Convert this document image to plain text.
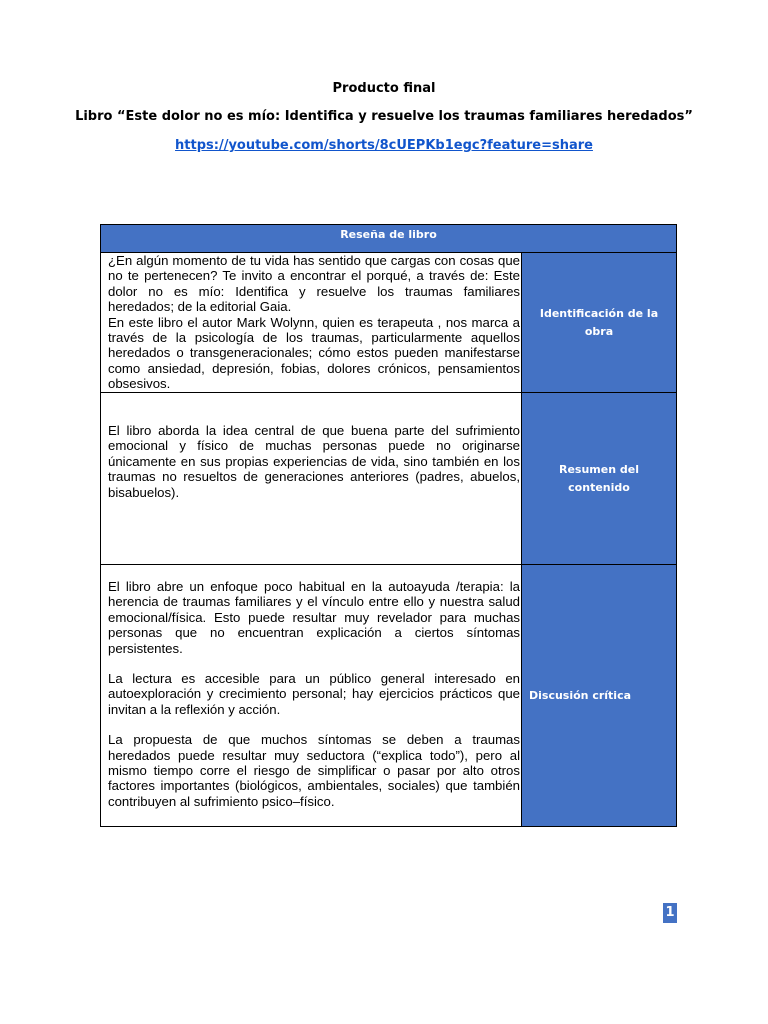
Producto final
Libro “Este dolor no es mío: Identifica y resuelve los traumas familiares heredados”
https://youtube.com/shorts/8cUEPKb1egc?feature=share
Reseña de libro

¿En algún momento de tu vida has sentido que cargas con cosas que no te pertenecen? Te invito a encontrar el porqué, a través de: Este dolor no es mío: Identifica y resuelve los traumas familiares heredados; de la editorial Gaia.

En este libro el autor Mark Wolynn, quien es terapeuta , nos marca a través de la psicología de los traumas, particularmente aquellos heredados o transgeneracionales; cómo estos pueden manifestarse como ansiedad, depresión, fobias, dolores crónicos, pensamientos obsesivos.

Identificación de la obra

El libro aborda la idea central de que buena parte del sufrimiento emocional y físico de muchas personas puede no originarse únicamente en sus propias experiencias de vida, sino también en los traumas no resueltos de generaciones anteriores (padres, abuelos, bisabuelos).

Resumen del contenido

El libro abre un enfoque poco habitual en la autoayuda /terapia: la herencia de traumas familiares y el vínculo entre ello y nuestra salud emocional/física. Esto puede resultar muy revelador para muchas personas que no encuentran explicación a ciertos síntomas persistentes.

La lectura es accesible para un público general interesado en autoexploración y crecimiento personal; hay ejercicios prácticos que invitan a la reflexión y acción.

La propuesta de que muchos síntomas se deben a traumas heredados puede resultar muy seductora (“explica todo”), pero al mismo tiempo corre el riesgo de simplificar o pasar por alto otros factores importantes (biológicos, ambientales, sociales) que también contribuyen al sufrimiento psico–físico.

Discusión crítica
1
